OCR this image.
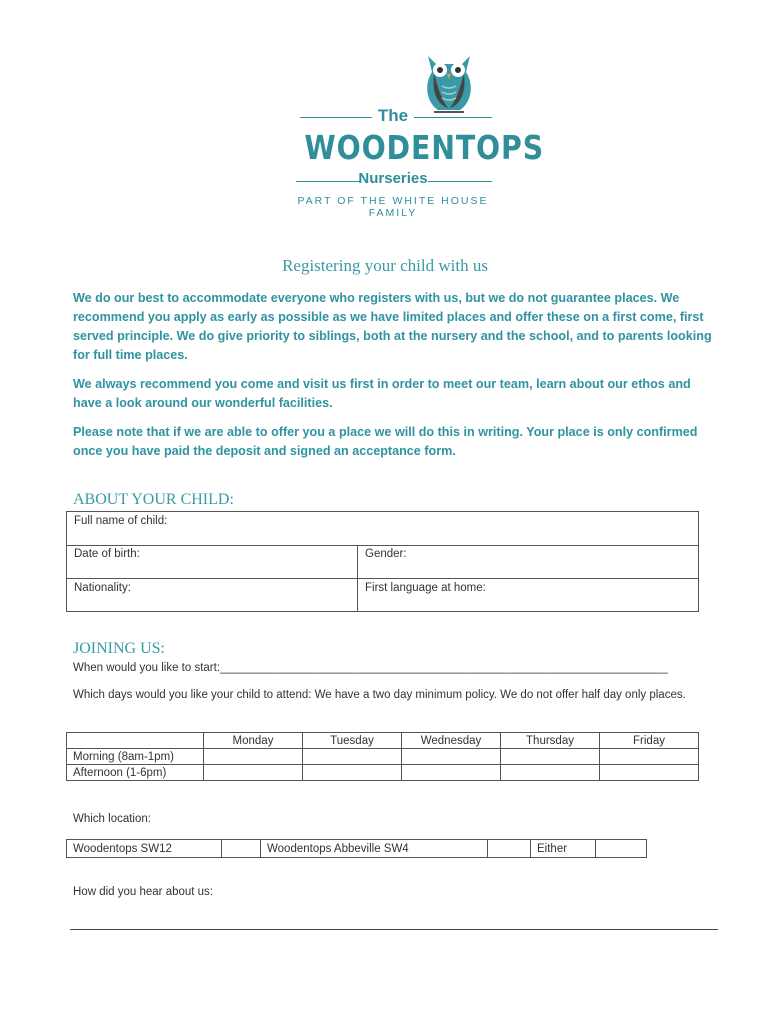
The
WOODENTOPS
Nurseries
PART OF THE WHITE HOUSE FAMILY
Registering your child with us
We do our best to accommodate everyone who registers with us, but we do not guarantee places. We recommend you apply as early as possible as we have limited places and offer these on a first come, first served principle. We do give priority to siblings, both at the nursery and the school, and to parents looking for full time places.
We always recommend you come and visit us first in order to meet our team, learn about our ethos and have a look around our wonderful facilities.
Please note that if we are able to offer you a place we will do this in writing. Your place is only confirmed once you have paid the deposit and signed an acceptance form.
ABOUT YOUR CHILD:
Full name of child:
Date of birth:	Gender:
Nationality:	First language at home:
JOINING US:
When would you like to start:______________________________________________________________________
Which days would you like your child to attend: We have a two day minimum policy. We do not offer half day only places.
	Monday	Tuesday	Wednesday	Thursday	Friday
Morning (8am-1pm)					
Afternoon (1-6pm)					
Which location:
Woodentops SW12		Woodentops Abbeville SW4		Either	
How did you hear about us:
